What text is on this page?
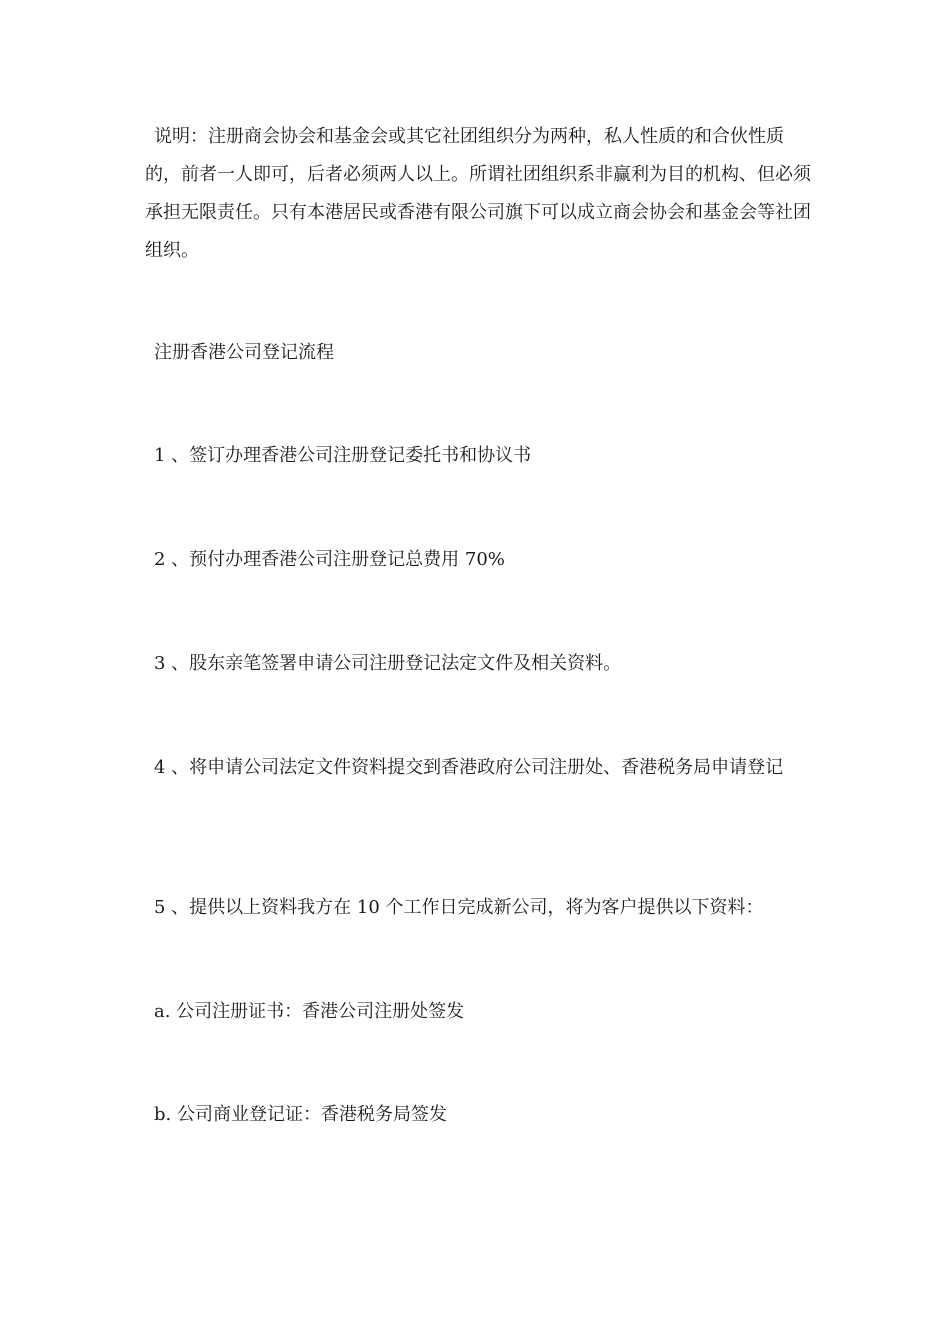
说明：注册商会协会和基金会或其它社团组织分为两种，私人性质的和合伙性质的，前者一人即可，后者必须两人以上。所谓社团组织系非赢利为目的机构、但必须承担无限责任。只有本港居民或香港有限公司旗下可以成立商会协会和基金会等社团组织。

注册香港公司登记流程

1 、签订办理香港公司注册登记委托书和协议书

2 、预付办理香港公司注册登记总费用 70%

3 、股东亲笔签署申请公司注册登记法定文件及相关资料。

4 、将申请公司法定文件资料提交到香港政府公司注册处、香港税务局申请登记

5 、提供以上资料我方在 10 个工作日完成新公司，将为客户提供以下资料：

a. 公司注册证书：香港公司注册处签发

b. 公司商业登记证：香港税务局签发
